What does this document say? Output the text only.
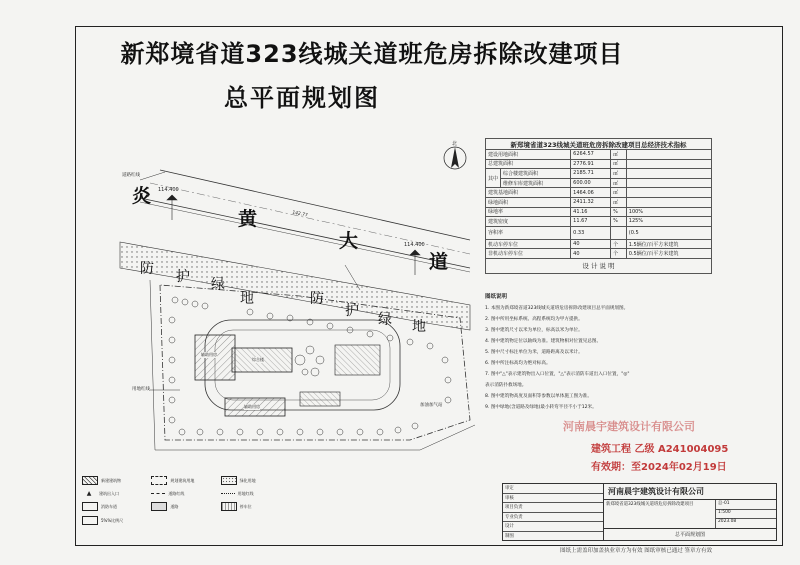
新郑境省道323线城关道班危房拆除改建项目
总平面规划图
炎
黄
大
道
防 护 绿
地	防
护
绿 地
114.400
114.400
142.77
道路红线
用地红线
加油加气站
北
辅助用房
综合楼
辅助用房
新郑境省道323线城关道班危房拆除改建项目总经济技术指标				
建设用地面积		6264.57	㎡	
总建筑面积		2776.91	㎡	
其中	综合楼建筑面积	2185.71	㎡	
	维修车库建筑面积	600.00	㎡	
建筑基地面积		1464.06	㎡	
绿地面积		2411.32	㎡	
绿地率		41.16	%	100%
建筑密度		11.67	%	125%
容积率		0.33		(0.5
机动车停车位		40	个	1.5辆位/百平方米建筑
非机动车停车位		40	个	0.5辆位/百平方米建筑
设 计 说 明				
图纸说明
1. 本图为新郑境省道323线城关道班危房拆除改建项目总平面规划图。
2. 图中所用坐标系统、高程系统均为甲方提供。
3. 图中建筑尺寸以米为单位，标高以米为单位。
4. 图中建筑物定位以轴线为准。建筑物相对位置见总图。
5. 图中尺寸标注单位为米，道路距离及以米计。
6. 图中所注标高均为绝对标高。
7. 图中"△"表示建筑物出入口位置，"△"表示消防车道出入口位置，"◎"
表示消防扑救场地。
8. 图中建筑物高度及面积等参数以单体施工图为准。
9. 图中绿地(含道路及绿地)最小转弯半径不小于12米。
河南晨宇建筑设计有限公司
建筑工程 乙级 A241004095
有效期：至2024年02月19日
新建建筑物	规划建筑用地	绿化用地
▲	建筑出入口	道路红线	用地红线
消防车道	道路	停车位
5%%比例尺
审定
审核
项目负责
专业负责
设计
制图
河南晨宇建筑设计有限公司
新郑境省道323线城关道班危房拆除改建项目	总-01
1:500
2023.08
总平面规划图
图纸上需盖印加盖执业章方为有效 图纸审核已通过 签章方有效
